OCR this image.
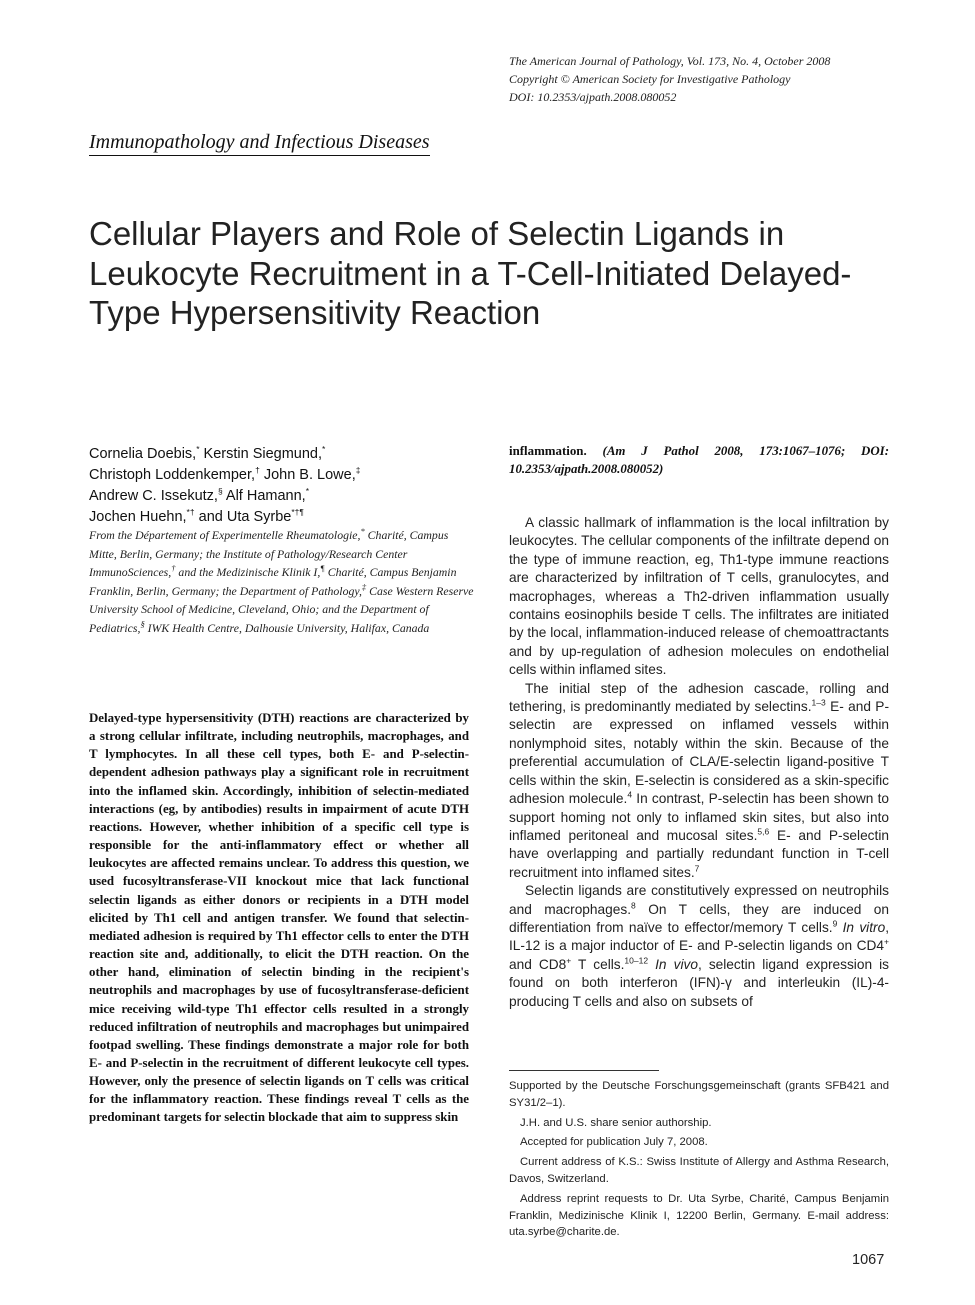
The American Journal of Pathology, Vol. 173, No. 4, October 2008
Copyright © American Society for Investigative Pathology
DOI: 10.2353/ajpath.2008.080052
Immunopathology and Infectious Diseases
Cellular Players and Role of Selectin Ligands in Leukocyte Recruitment in a T-Cell-Initiated Delayed-Type Hypersensitivity Reaction
Cornelia Doebis,* Kerstin Siegmund,*
Christoph Loddenkemper,† John B. Lowe,‡
Andrew C. Issekutz,§ Alf Hamann,*
Jochen Huehn,*† and Uta Syrbe*†¶
From the Département of Experimentelle Rheumatologie,* Charité, Campus Mitte, Berlin, Germany; the Institute of Pathology/Research Center ImmunoSciences,† and the Medizinische Klinik I,¶ Charité, Campus Benjamin Franklin, Berlin, Germany; the Department of Pathology,‡ Case Western Reserve University School of Medicine, Cleveland, Ohio; and the Department of Pediatrics,§ IWK Health Centre, Dalhousie University, Halifax, Canada

Delayed-type hypersensitivity (DTH) reactions are characterized by a strong cellular infiltrate, including neutrophils, macrophages, and T lymphocytes. In all these cell types, both E- and P-selectin-dependent adhesion pathways play a significant role in recruitment into the inflamed skin. Accordingly, inhibition of selectin-mediated interactions (eg, by antibodies) results in impairment of acute DTH reactions. However, whether inhibition of a specific cell type is responsible for the anti-inflammatory effect or whether all leukocytes are affected remains unclear. To address this question, we used fucosyltransferase-VII knockout mice that lack functional selectin ligands as either donors or recipients in a DTH model elicited by Th1 cell and antigen transfer. We found that selectin-mediated adhesion is required by Th1 effector cells to enter the DTH reaction site and, additionally, to elicit the DTH reaction. On the other hand, elimination of selectin binding in the recipient's neutrophils and macrophages by use of fucosyltransferase-deficient mice receiving wild-type Th1 effector cells resulted in a strongly reduced infiltration of neutrophils and macrophages but unimpaired footpad swelling. These findings demonstrate a major role for both E- and P-selectin in the recruitment of different leukocyte cell types. However, only the presence of selectin ligands on T cells was critical for the inflammatory reaction. These findings reveal T cells as the predominant targets for selectin blockade that aim to suppress skin

inflammation. (Am J Pathol 2008, 173:1067–1076; DOI: 10.2353/ajpath.2008.080052)

A classic hallmark of inflammation is the local infiltration by leukocytes. The cellular components of the infiltrate depend on the type of immune reaction, eg, Th1-type immune reactions are characterized by infiltration of T cells, granulocytes, and macrophages, whereas a Th2-driven inflammation usually contains eosinophils beside T cells. The infiltrates are initiated by the local, inflammation-induced release of chemoattractants and by up-regulation of adhesion molecules on endothelial cells within inflamed sites.

The initial step of the adhesion cascade, rolling and tethering, is predominantly mediated by selectins.$^{1-3}$ E- and P-selectin are expressed on inflamed vessels within nonlymphoid sites, notably within the skin. Because of the preferential accumulation of CLA/E-selectin ligand-positive T cells within the skin, E-selectin is considered as a skin-specific adhesion molecule.$^4$ In contrast, P-selectin has been shown to support homing not only to inflamed skin sites, but also into inflamed peritoneal and mucosal sites.$^{5,6}$ E- and P-selectin have overlapping and partially redundant function in T-cell recruitment into inflamed sites.$^7$

Selectin ligands are constitutively expressed on neutrophils and macrophages.$^8$ On T cells, they are induced on differentiation from naïve to effector/memory T cells.$^9$ In vitro, IL-12 is a major inductor of E- and P-selectin ligands on CD4+ and CD8+ T cells.$^{10-12}$ In vivo, selectin ligand expression is found on both interferon (IFN)-γ and interleukin (IL)-4-producing T cells and also on subsets of

Supported by the Deutsche Forschungsgemeinschaft (grants SFB421 and SY31/2–1).

J.H. and U.S. share senior authorship.

Accepted for publication July 7, 2008.

Current address of K.S.: Swiss Institute of Allergy and Asthma Research, Davos, Switzerland.

Address reprint requests to Dr. Uta Syrbe, Charité, Campus Benjamin Franklin, Medizinische Klinik I, 12200 Berlin, Germany. E-mail address: uta.syrbe@charite.de.

1067
